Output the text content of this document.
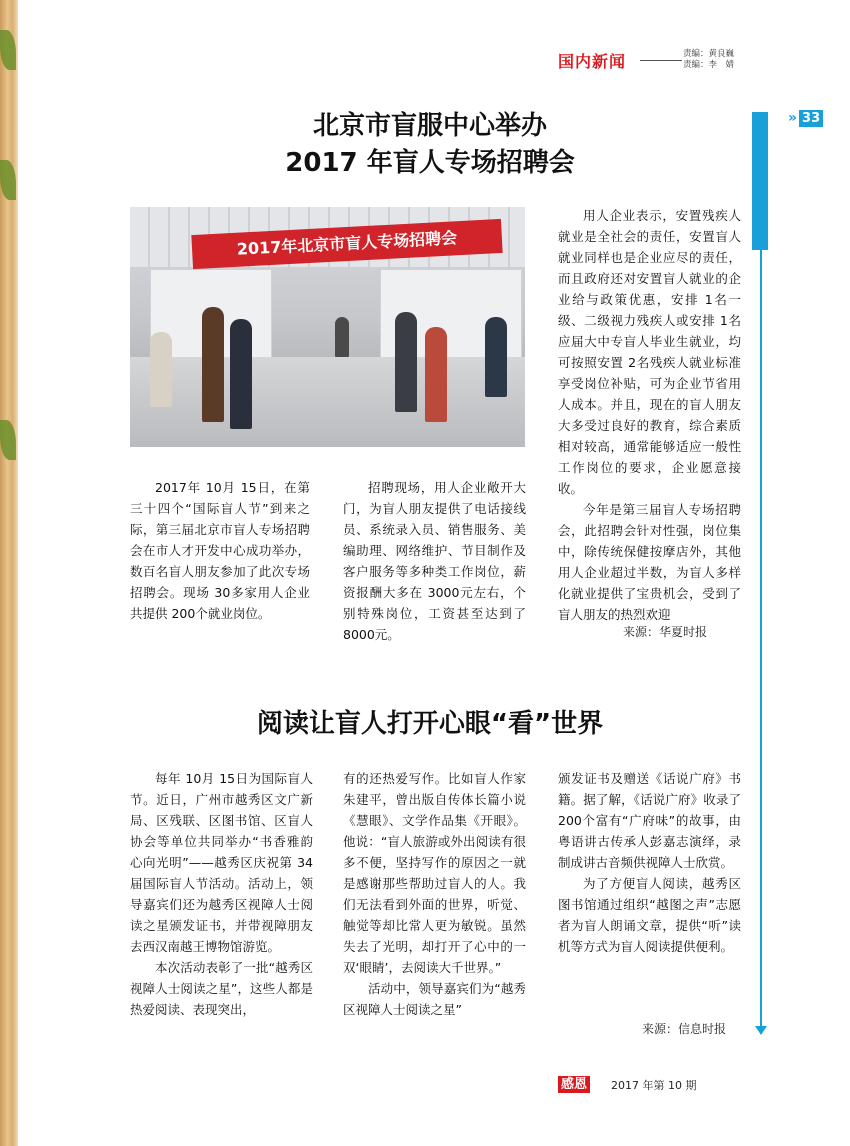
国内新闻	责编：黄良巍
责编：李　婧
» 33
北京市盲服中心举办
2017 年盲人专场招聘会
2017年北京市盲人专场招聘会

2017年 10月 15日，在第三十四个“国际盲人节”到来之际，第三届北京市盲人专场招聘会在市人才开发中心成功举办，数百名盲人朋友参加了此次专场招聘会。现场 30多家用人企业共提供 200个就业岗位。

招聘现场，用人企业敞开大门，为盲人朋友提供了电话接线员、系统录入员、销售服务、美编助理、网络维护、节目制作及客户服务等多种类工作岗位，薪资报酬大多在 3000元左右，个别特殊岗位，工资甚至达到了 8000元。

用人企业表示，安置残疾人就业是全社会的责任，安置盲人就业同样也是企业应尽的责任，而且政府还对安置盲人就业的企业给与政策优惠，安排 1名一级、二级视力残疾人或安排 1名应届大中专盲人毕业生就业，均可按照安置 2名残疾人就业标准享受岗位补贴，可为企业节省用人成本。并且，现在的盲人朋友大多受过良好的教育，综合素质相对较高，通常能够适应一般性工作岗位的要求，企业愿意接收。

今年是第三届盲人专场招聘会，此招聘会针对性强，岗位集中，除传统保健按摩店外，其他用人企业超过半数，为盲人多样化就业提供了宝贵机会，受到了盲人朋友的热烈欢迎

来源：华夏时报
阅读让盲人打开心眼“看”世界

每年 10月 15日为国际盲人节。近日，广州市越秀区文广新局、区残联、区图书馆、区盲人协会等单位共同举办“书香雅韵 心向光明”——越秀区庆祝第 34届国际盲人节活动。活动上，领导嘉宾们还为越秀区视障人士阅读之星颁发证书，并带视障朋友去西汉南越王博物馆游览。

本次活动表彰了一批“越秀区视障人士阅读之星”，这些人都是热爱阅读、表现突出，

有的还热爱写作。比如盲人作家朱建平，曾出版自传体长篇小说《慧眼》、文学作品集《开眼》。他说：“盲人旅游或外出阅读有很多不便，坚持写作的原因之一就是感谢那些帮助过盲人的人。我们无法看到外面的世界，听觉、触觉等却比常人更为敏锐。虽然失去了光明，却打开了心中的一双‘眼睛’，去阅读大千世界。”

活动中，领导嘉宾们为“越秀区视障人士阅读之星”

颁发证书及赠送《话说广府》书籍。据了解，《话说广府》收录了 200个富有“广府味”的故事，由粤语讲古传承人彭嘉志演绎，录制成讲古音频供视障人士欣赏。

为了方便盲人阅读，越秀区图书馆通过组织“越图之声”志愿者为盲人朗诵文章，提供“听”读机等方式为盲人阅读提供便利。

来源：信息时报
感恩 2017 年第 10 期
